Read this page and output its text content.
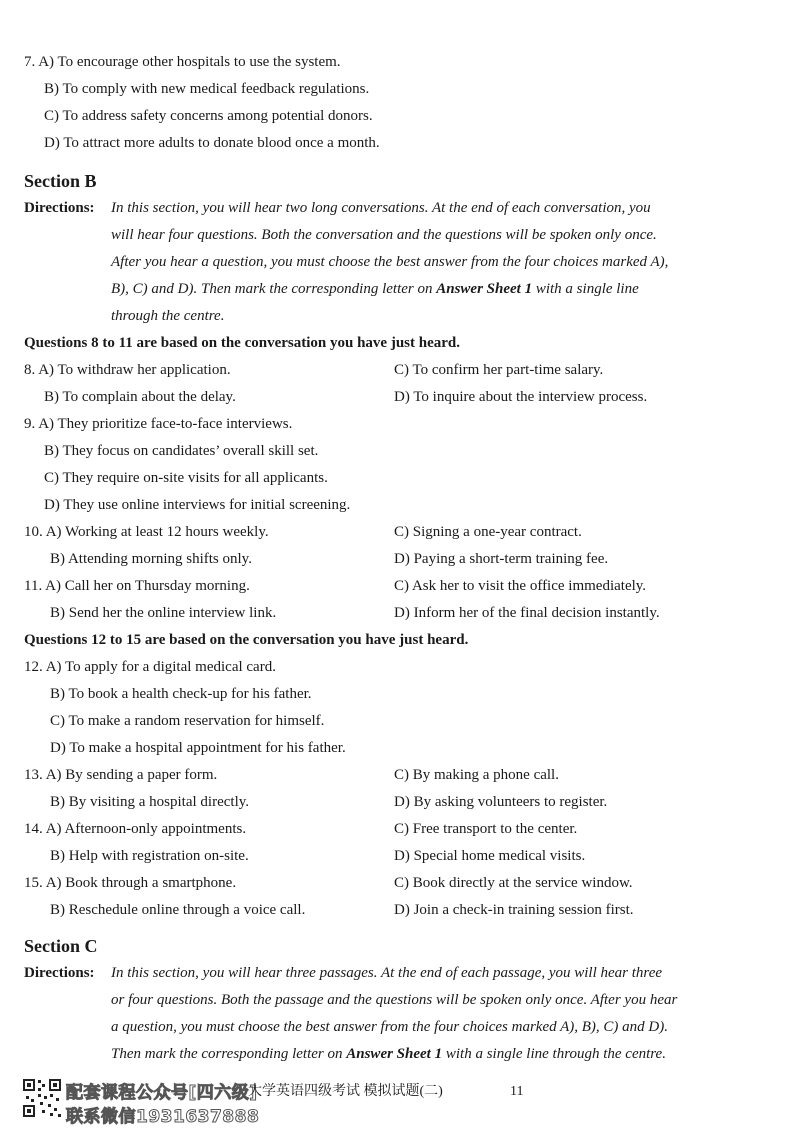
7. A) To encourage other hospitals to use the system.
B) To comply with new medical feedback regulations.
C) To address safety concerns among potential donors.
D) To attract more adults to donate blood once a month.
Section B
Directions: In this section, you will hear two long conversations. At the end of each conversation, you
will hear four questions. Both the conversation and the questions will be spoken only once.
After you hear a question, you must choose the best answer from the four choices marked A),
B), C) and D). Then mark the corresponding letter on Answer Sheet 1 with a single line
through the centre.
Questions 8 to 11 are based on the conversation you have just heard.
8. A) To withdraw her application.	C) To confirm her part-time salary.
B) To complain about the delay.	D) To inquire about the interview process.
9. A) They prioritize face-to-face interviews.
B) They focus on candidates’ overall skill set.
C) They require on-site visits for all applicants.
D) They use online interviews for initial screening.
10. A) Working at least 12 hours weekly.	C) Signing a one-year contract.
B) Attending morning shifts only.	D) Paying a short-term training fee.
11. A) Call her on Thursday morning.	C) Ask her to visit the office immediately.
B) Send her the online interview link.	D) Inform her of the final decision instantly.
Questions 12 to 15 are based on the conversation you have just heard.
12. A) To apply for a digital medical card.
B) To book a health check-up for his father.
C) To make a random reservation for himself.
D) To make a hospital appointment for his father.
13. A) By sending a paper form.	C) By making a phone call.
B) By visiting a hospital directly.	D) By asking volunteers to register.
14. A) Afternoon-only appointments.	C) Free transport to the center.
B) Help with registration on-site.	D) Special home medical visits.
15. A) Book through a smartphone.	C) Book directly at the service window.
B) Reschedule online through a voice call.	D) Join a check-in training session first.
Section C
Directions: In this section, you will hear three passages. At the end of each passage, you will hear three
or four questions. Both the passage and the questions will be spoken only once. After you hear
a question, you must choose the best answer from the four choices marked A), B), C) and D).
Then mark the corresponding letter on Answer Sheet 1 with a single line through the centre.
配套课程公众号[四六级]
大学英语四级考试 模拟试题(二)	11
联系微信1931637888
